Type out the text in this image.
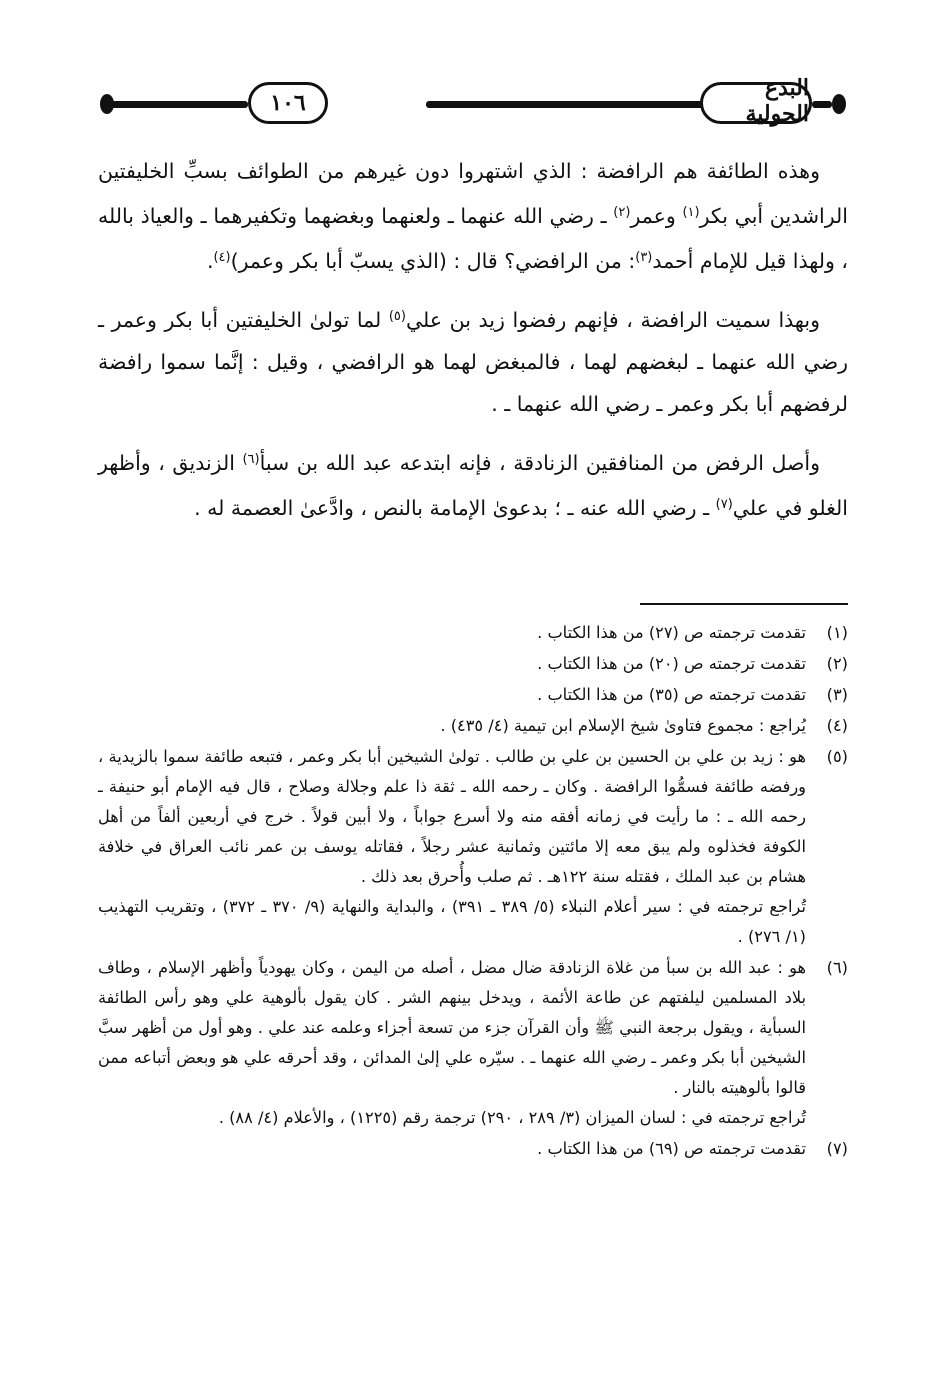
١٠٦
البدع الحولية

وهذه الطائفة هم الرافضة : الذي اشتهروا دون غيرهم من الطوائف بسبِّ الخليفتين الراشدين أبي بكر$^{(١)}$ وعمر$^{(٢)}$ ـ رضي الله عنهما ـ ولعنهما وبغضهما وتكفيرهما ـ والعياذ بالله ، ولهذا قيل للإمام أحمد$^{(٣)}$: من الرافضي؟ قال : (الذي يسبّ أبا بكر وعمر)$^{(٤)}$.

وبهذا سميت الرافضة ، فإنهم رفضوا زيد بن علي$^{(٥)}$ لما تولىٰ الخليفتين أبا بكر وعمر ـ رضي الله عنهما ـ لبغضهم لهما ، فالمبغض لهما هو الرافضي ، وقيل : إنَّما سموا رافضة لرفضهم أبا بكر وعمر ـ رضي الله عنهما ـ .

وأصل الرفض من المنافقين الزنادقة ، فإنه ابتدعه عبد الله بن سبأ$^{(٦)}$ الزنديق ، وأظهر الغلو في علي$^{(٧)}$ ـ رضي الله عنه ـ ؛ بدعوىٰ الإمامة بالنص ، وادَّعىٰ العصمة له .

(١)
تقدمت ترجمته ص (٢٧) من هذا الكتاب .
(٢)
تقدمت ترجمته ص (٢٠) من هذا الكتاب .
(٣)
تقدمت ترجمته ص (٣٥) من هذا الكتاب .
(٤)
يُراجع : مجموع فتاوىٰ شيخ الإسلام ابن تيمية (٤/ ٤٣٥) .
(٥)
هو : زيد بن علي بن الحسين بن علي بن طالب . تولىٰ الشيخين أبا بكر وعمر ، فتبعه طائفة سموا بالزيدية ، ورفضه طائفة فسمُّوا الرافضة . وكان ـ رحمه الله ـ ثقة ذا علم وجلالة وصلاح ، قال فيه الإمام أبو حنيفة ـ رحمه الله ـ : ما رأيت في زمانه أفقه منه ولا أسرع جواباً ، ولا أبين قولاً . خرج في أربعين ألفاً من أهل الكوفة فخذلوه ولم يبق معه إلا مائتين وثمانية عشر رجلاً ، فقاتله يوسف بن عمر نائب العراق في خلافة هشام بن عبد الملك ، فقتله سنة ١٢٢هـ . ثم صلب وأُحرق بعد ذلك .
تُراجع ترجمته في : سير أعلام النبلاء (٥/ ٣٨٩ ـ ٣٩١) ، والبداية والنهاية (٩/ ٣٧٠ ـ ٣٧٢) ، وتقريب التهذيب (١/ ٢٧٦) .
(٦)
هو : عبد الله بن سبأ من غلاة الزنادقة ضال مضل ، أصله من اليمن ، وكان يهودياً وأظهر الإسلام ، وطاف بلاد المسلمين ليلفتهم عن طاعة الأئمة ، ويدخل بينهم الشر . كان يقول بألوهية علي وهو رأس الطائفة السبأية ، ويقول برجعة النبي ﷺ وأن القرآن جزء من تسعة أجزاء وعلمه عند علي . وهو أول من أظهر سبَّ الشيخين أبا بكر وعمر ـ رضي الله عنهما ـ . سيّره علي إلىٰ المدائن ، وقد أحرقه علي هو وبعض أتباعه ممن قالوا بألوهيته بالنار .
تُراجع ترجمته في : لسان الميزان (٣/ ٢٨٩ ، ٢٩٠) ترجمة رقم (١٢٢٥) ، والأعلام (٤/ ٨٨) .
(٧)
تقدمت ترجمته ص (٦٩) من هذا الكتاب .
